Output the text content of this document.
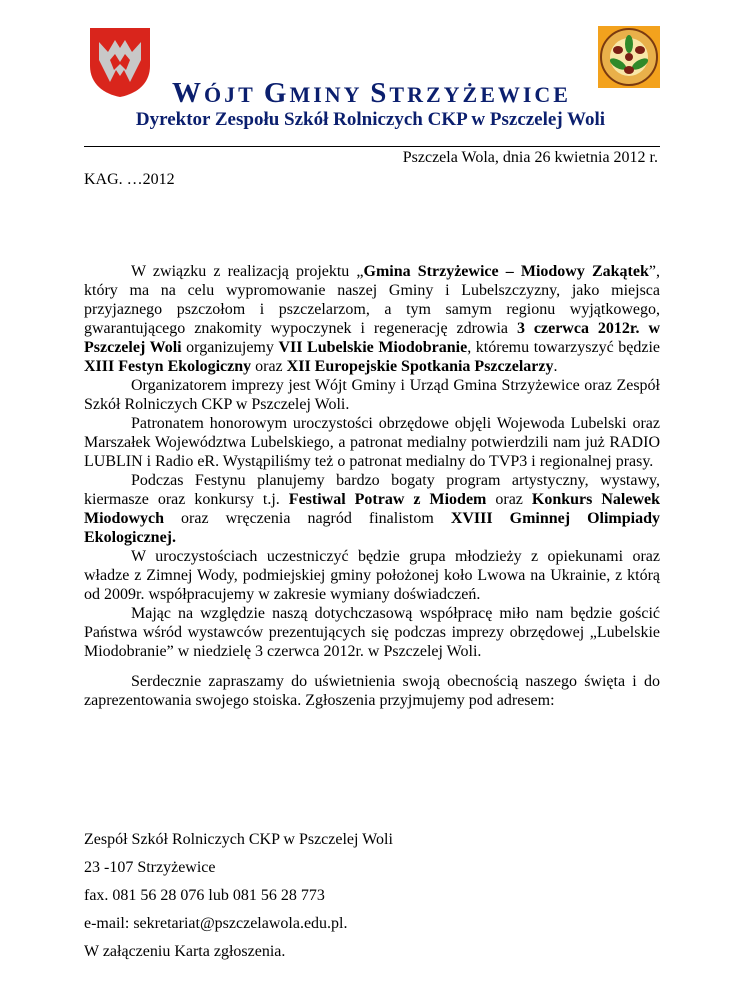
WÓJT GMINY STRZYŻEWICE
Dyrektor Zespołu Szkół Rolniczych CKP w Pszczelej Woli
Pszczela Wola, dnia 26 kwietnia 2012 r.
KAG. …2012

W związku z realizacją projektu „Gmina Strzyżewice – Miodowy Zakątek”, który ma na celu wypromowanie naszej Gminy i Lubelszczyzny, jako miejsca przyjaznego pszczołom i pszczelarzom, a tym samym regionu wyjątkowego, gwarantującego znakomity wypoczynek i regenerację zdrowia 3 czerwca 2012r. w Pszczelej Woli organizujemy VII Lubelskie Miodobranie, któremu towarzyszyć będzie XIII Festyn Ekologiczny oraz XII Europejskie Spotkania Pszczelarzy.

Organizatorem imprezy jest Wójt Gminy i Urząd Gmina Strzyżewice oraz Zespół Szkół Rolniczych CKP w Pszczelej Woli.

Patronatem honorowym uroczystości obrzędowe objęli Wojewoda Lubelski oraz Marszałek Województwa Lubelskiego, a patronat medialny potwierdzili nam już RADIO LUBLIN i Radio eR. Wystąpiliśmy też o patronat medialny do TVP3 i regionalnej prasy.

Podczas Festynu planujemy bardzo bogaty program artystyczny, wystawy, kiermasze oraz konkursy t.j. Festiwal Potraw z Miodem oraz Konkurs Nalewek Miodowych oraz wręczenia nagród finalistom XVIII Gminnej Olimpiady Ekologicznej.

W uroczystościach uczestniczyć będzie grupa młodzieży z opiekunami oraz władze z Zimnej Wody, podmiejskiej gminy położonej koło Lwowa na Ukrainie, z którą od 2009r. współpracujemy w zakresie wymiany doświadczeń.

Mając na względzie naszą dotychczasową współpracę miło nam będzie gościć Państwa wśród wystawców prezentujących się podczas imprezy obrzędowej „Lubelskie Miodobranie” w niedzielę 3 czerwca 2012r. w Pszczelej Woli.

Serdecznie zapraszamy do uświetnienia swoją obecnością naszego święta i do zaprezentowania swojego stoiska. Zgłoszenia przyjmujemy pod adresem:

Zespół Szkół Rolniczych CKP w Pszczelej Woli
23 -107 Strzyżewice
fax. 081 56 28 076 lub 081 56 28 773
e-mail: sekretariat@pszczelawola.edu.pl.
W załączeniu Karta zgłoszenia.
